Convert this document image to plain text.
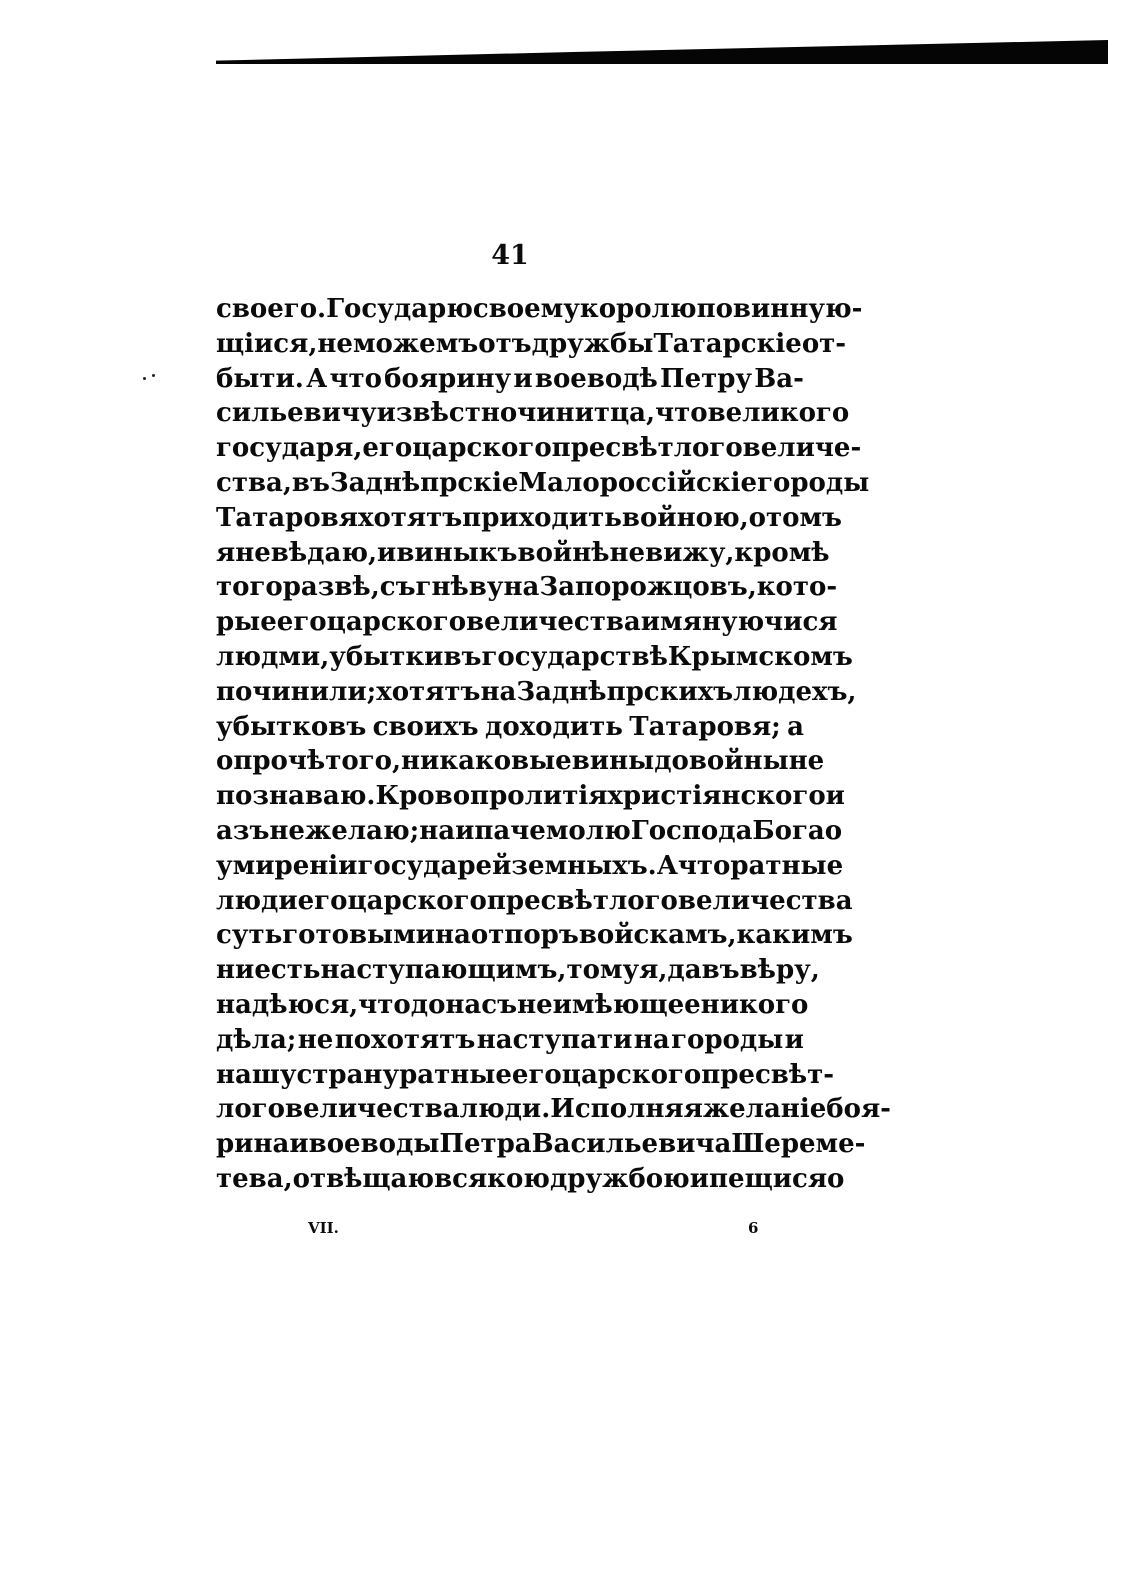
41
своего. Государю своему королю повинную-
щіися, не можемъ отъ дружбы Татарскіе от-
быти. А что боярину и воеводѣ Петру Ва-
сильевичу извѣстно чинитца, что великого
государя, его царского пресвѣтлого величе-
ства, въ Заднѣпрскіе Малороссійскіе городы
Татаровя хотятъ приходить войною, о томъ
я не вѣдаю, и вины къ войнѣ не вижу, кромѣ
того развѣ, съ гнѣву на Запорожцовъ, кото-
рые его царского величества имянуючися
людми, убытки въ государствѣ Крымскомъ
починили; хотятъ на Заднѣпрскихъ людехъ,
убытковъ своихъ доходить Татаровя; а
опрочѣ того, никаковые вины до войны не
познаваю. Кровопролитія христіянского и
азъ не желаю; наипаче молю Господа Бога о
умиреніи государей земныхъ. А что ратные
люди его царского пресвѣтлого величества
суть готовыми на отпоръ войскамъ, какимъ
ни есть наступающимъ, тому я, давъ вѣру,
надѣюся, что до насъ неимѣющее никого
дѣла; не похотятъ наступати на городы и
нашу страну ратные его царского пресвѣт-
лого величества люди. Исполняя желаніе боя-
рина и воеводы Петра Васильевича Шереме-
тева, отвѣщаю всякою дружбою и пещися о
VII.	6
